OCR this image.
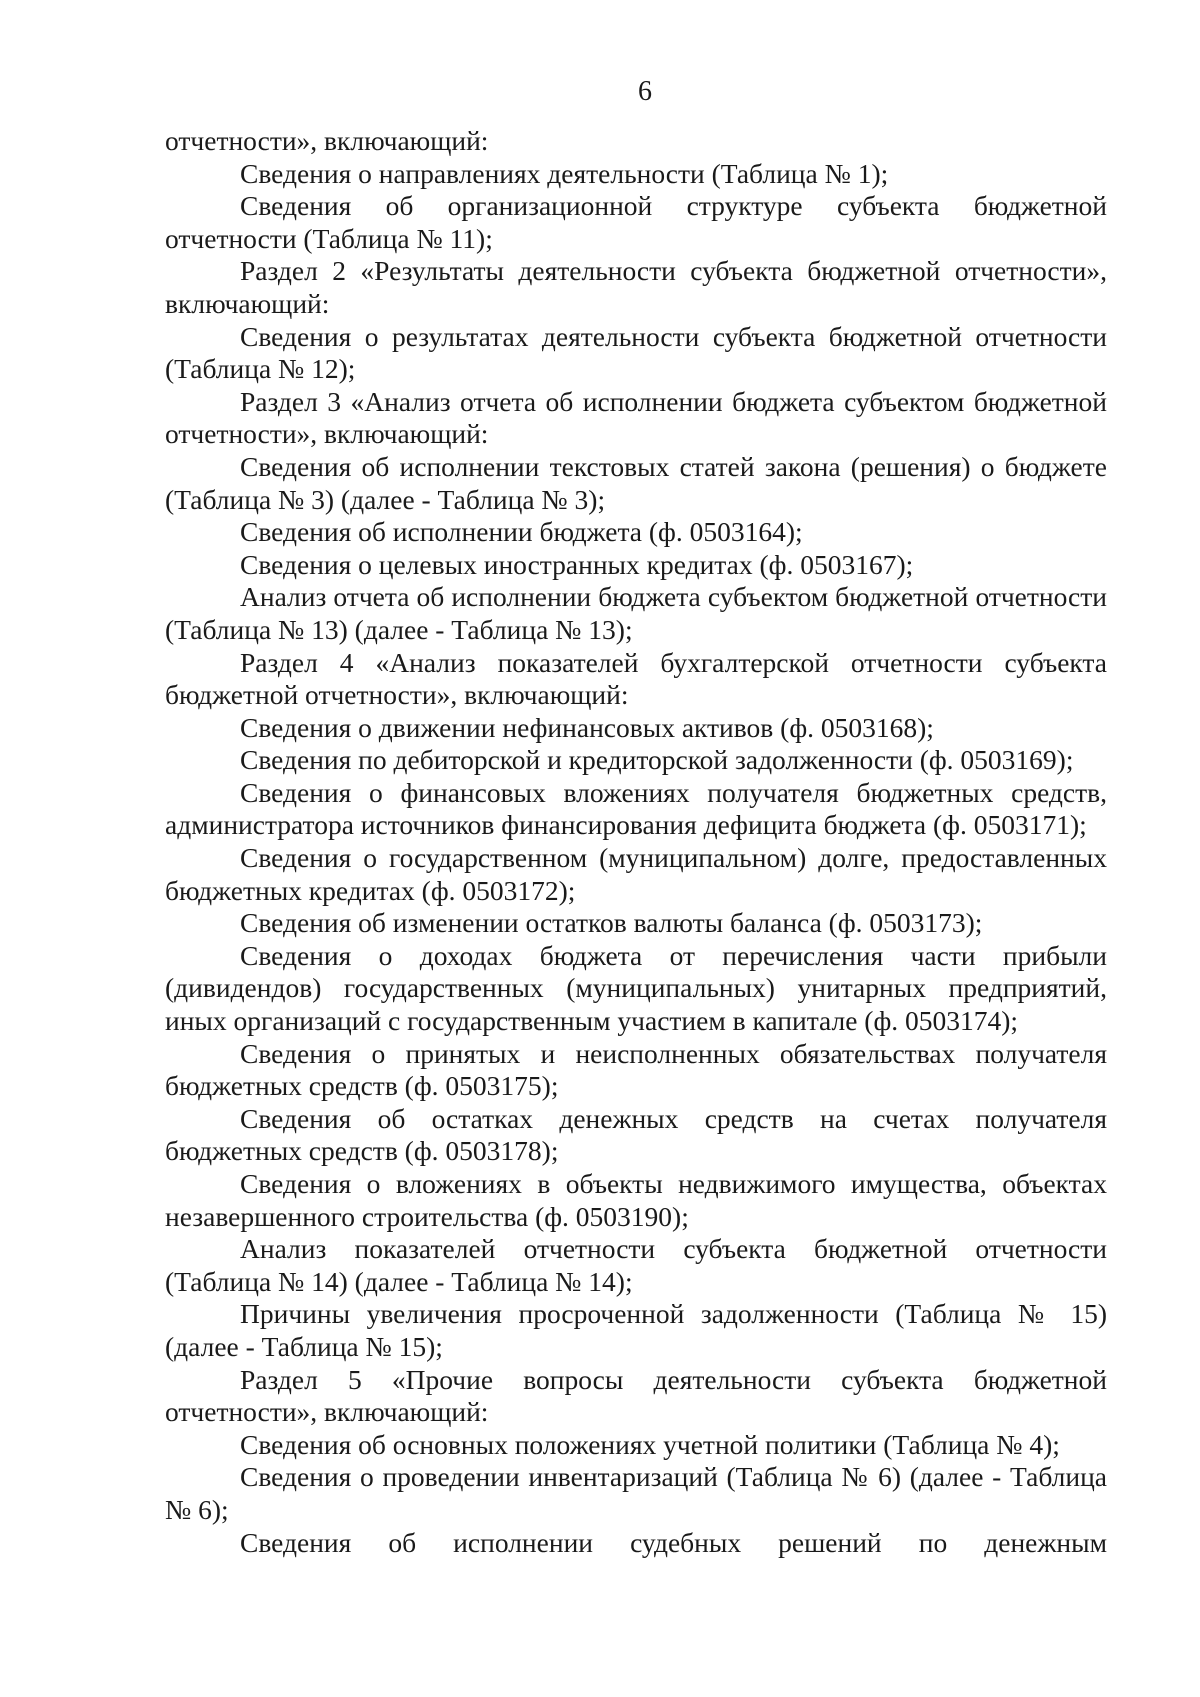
6

отчетности», включающий:

Сведения о направлениях деятельности (Таблица № 1);

Сведения об организационной структуре субъекта бюджетной отчетности (Таблица № 11);

Раздел 2 «Результаты деятельности субъекта бюджетной отчетности», включающий:

Сведения о результатах деятельности субъекта бюджетной отчетности (Таблица № 12);

Раздел 3 «Анализ отчета об исполнении бюджета субъектом бюджетной отчетности», включающий:

Сведения об исполнении текстовых статей закона (решения) о бюджете (Таблица № 3) (далее - Таблица № 3);

Сведения об исполнении бюджета (ф. 0503164);

Сведения о целевых иностранных кредитах (ф. 0503167);

Анализ отчета об исполнении бюджета субъектом бюджетной отчетности (Таблица № 13) (далее - Таблица № 13);

Раздел 4 «Анализ показателей бухгалтерской отчетности субъекта бюджетной отчетности», включающий:

Сведения о движении нефинансовых активов (ф. 0503168);

Сведения по дебиторской и кредиторской задолженности (ф. 0503169);

Сведения о финансовых вложениях получателя бюджетных средств, администратора источников финансирования дефицита бюджета (ф. 0503171);

Сведения о государственном (муниципальном) долге, предоставленных бюджетных кредитах (ф. 0503172);

Сведения об изменении остатков валюты баланса (ф. 0503173);

Сведения о доходах бюджета от перечисления части прибыли (дивидендов) государственных (муниципальных) унитарных предприятий, иных организаций с государственным участием в капитале (ф. 0503174);

Сведения о принятых и неисполненных обязательствах получателя бюджетных средств (ф. 0503175);

Сведения об остатках денежных средств на счетах получателя бюджетных средств (ф. 0503178);

Сведения о вложениях в объекты недвижимого имущества, объектах незавершенного строительства (ф. 0503190);

Анализ показателей отчетности субъекта бюджетной отчетности (Таблица № 14) (далее - Таблица № 14);

Причины увеличения просроченной задолженности (Таблица № 15) (далее - Таблица № 15);

Раздел 5 «Прочие вопросы деятельности субъекта бюджетной отчетности», включающий:

Сведения об основных положениях учетной политики (Таблица № 4);

Сведения о проведении инвентаризаций (Таблица № 6) (далее - Таблица № 6);

Сведения об исполнении судебных решений по денежным
